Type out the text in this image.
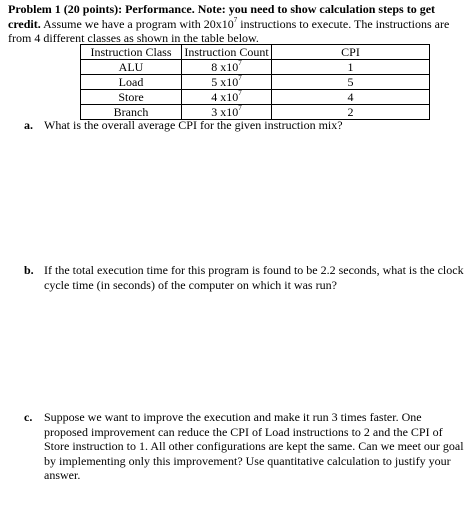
Problem 1 (20 points): Performance. Note: you need to show calculation steps to get credit. Assume we have a program with $20x10^7$ instructions to execute. The instructions are from 4 different classes as shown in the table below.
Instruction Class	Instruction Count	CPI
ALU	8 $x10^7$	1
Load	5 $x10^7$	5
Store	4 $x10^7$	4
Branch	3 $x10^7$	2
a. What is the overall average CPI for the given instruction mix?
b. If the total execution time for this program is found to be 2.2 seconds, what is the clock cycle time (in seconds) of the computer on which it was run?
c. Suppose we want to improve the execution and make it run 3 times faster. One proposed improvement can reduce the CPI of Load instructions to 2 and the CPI of Store instruction to 1. All other configurations are kept the same. Can we meet our goal by implementing only this improvement? Use quantitative calculation to justify your answer.
